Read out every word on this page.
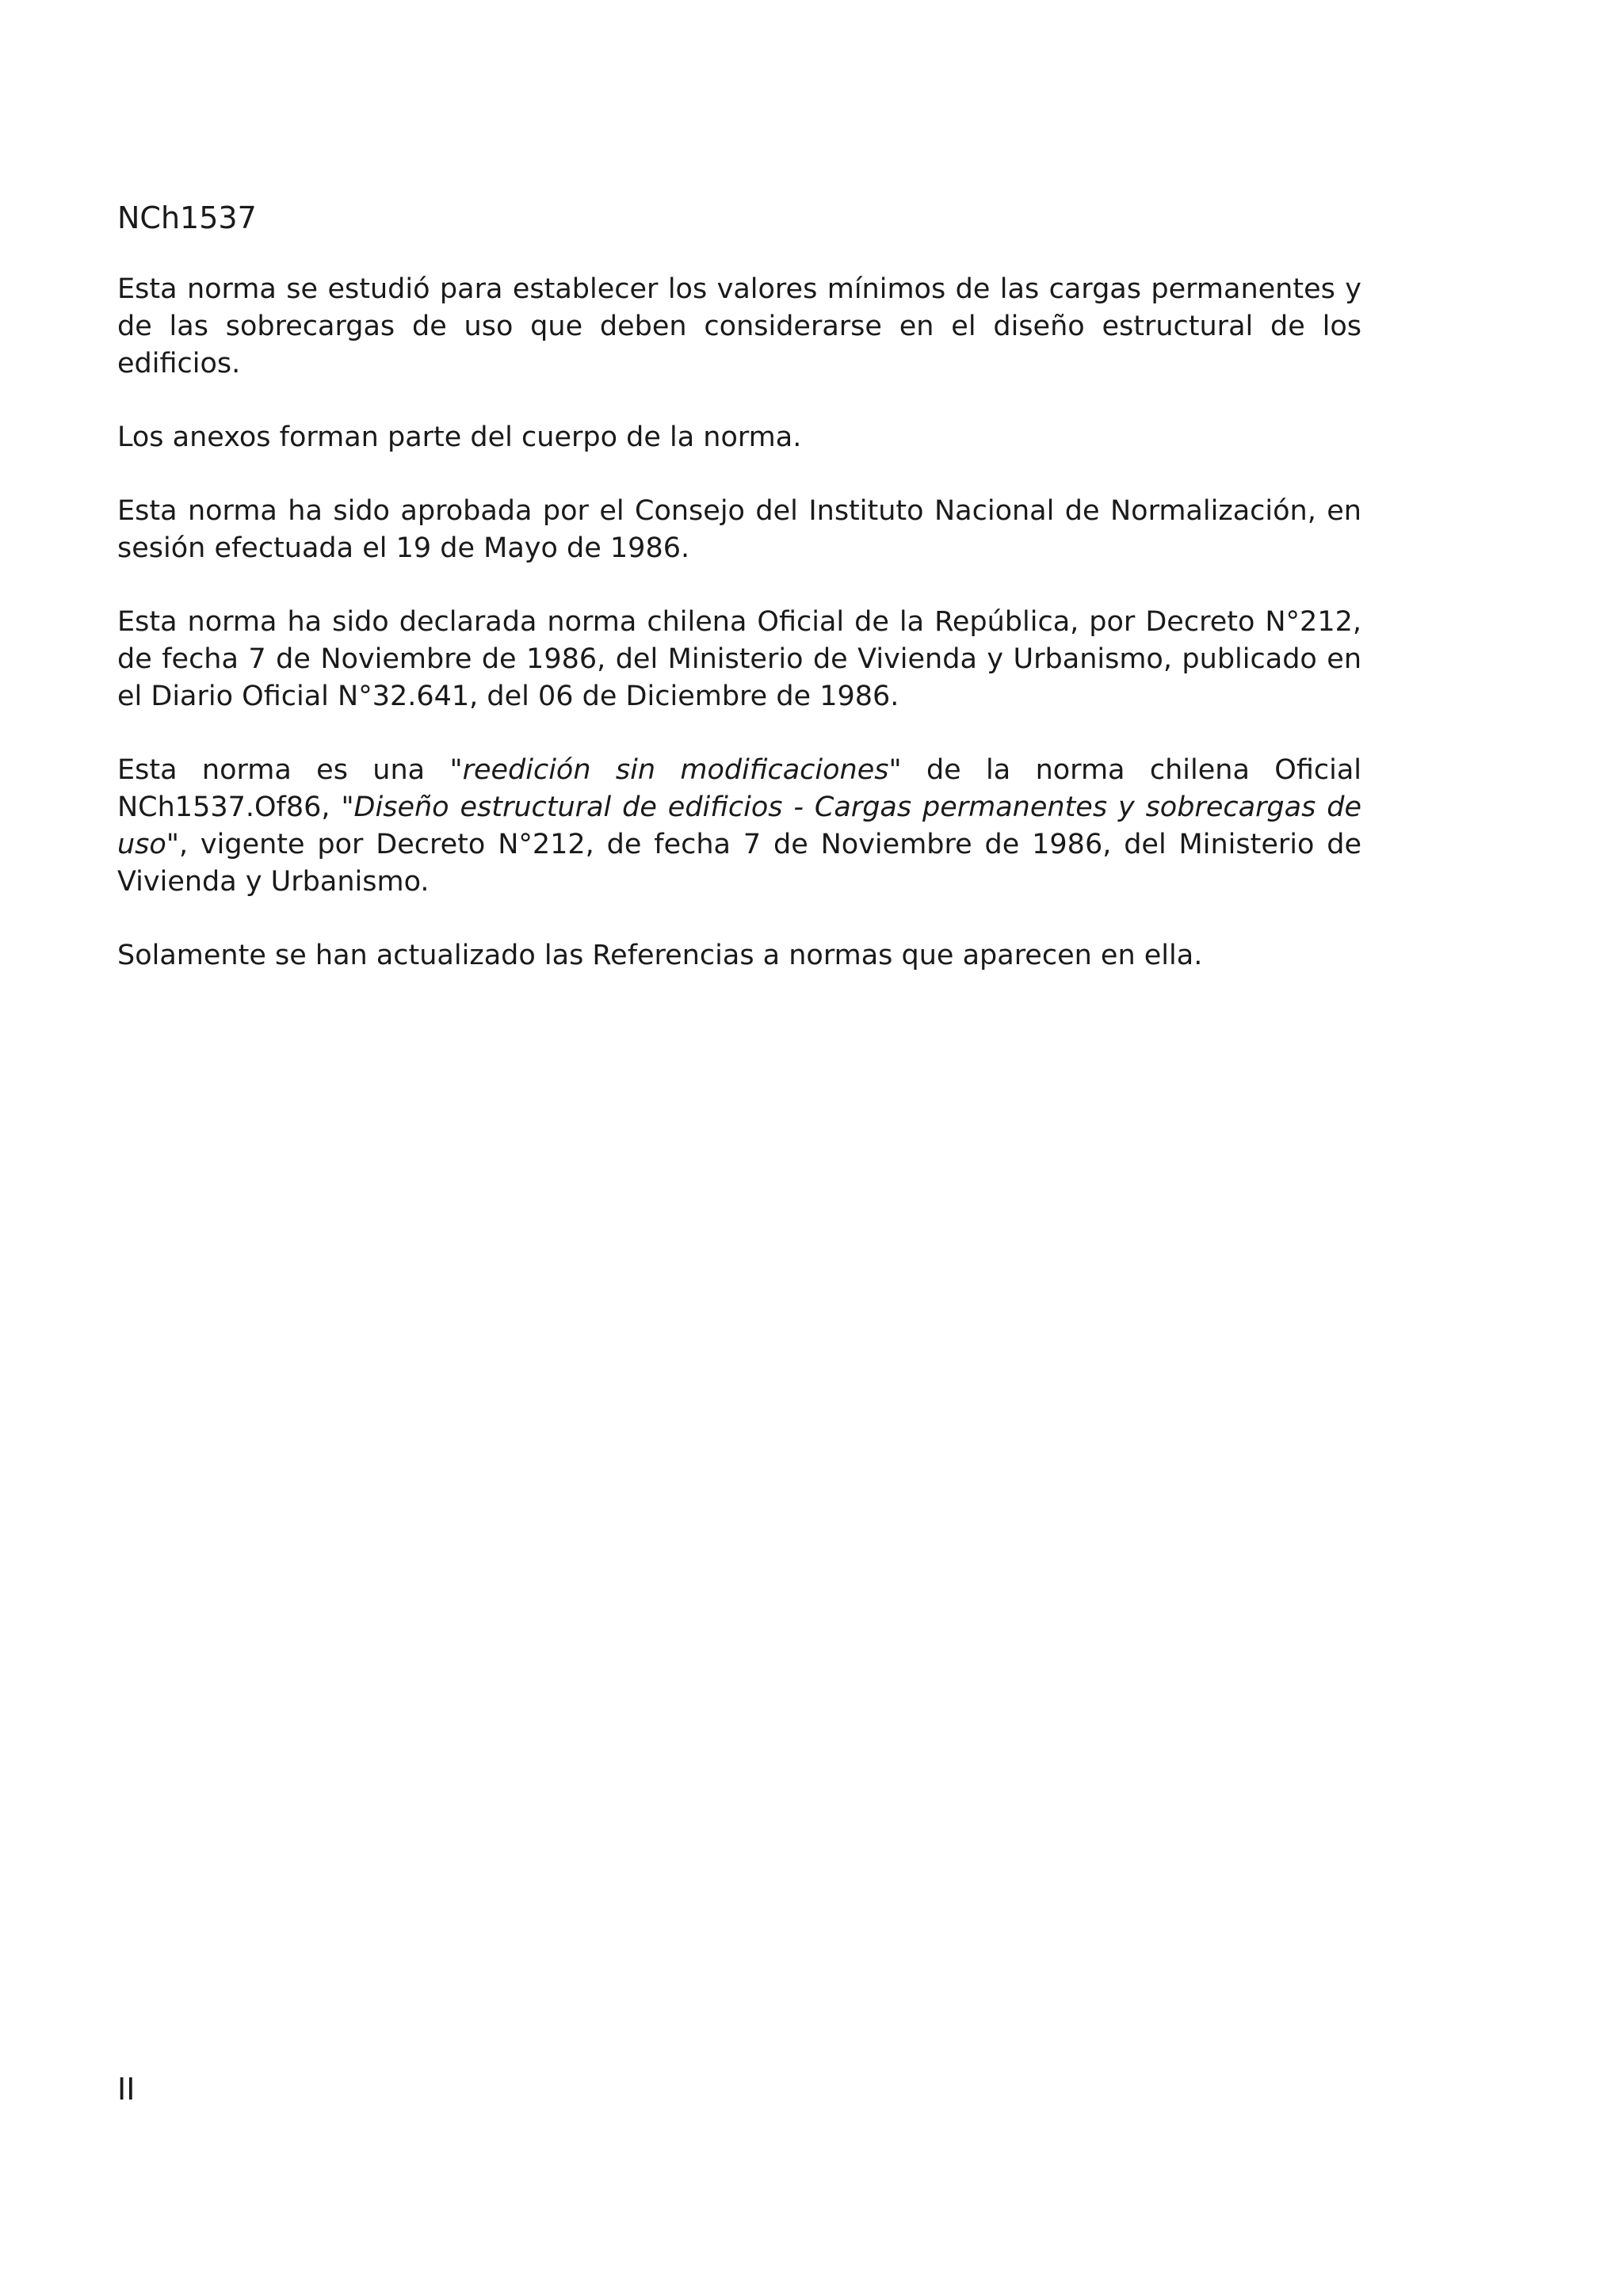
NCh1537

Esta norma se estudió para establecer los valores mínimos de las cargas permanentes y de las sobrecargas de uso que deben considerarse en el diseño estructural de los edificios.

Los anexos forman parte del cuerpo de la norma.

Esta norma ha sido aprobada por el Consejo del Instituto Nacional de Normalización, en sesión efectuada el 19 de Mayo de 1986.

Esta norma ha sido declarada norma chilena Oficial de la República, por Decreto N°212, de fecha 7 de Noviembre de 1986, del Ministerio de Vivienda y Urbanismo, publicado en el Diario Oficial N°32.641, del 06 de Diciembre de 1986.

Esta norma es una "reedición sin modificaciones" de la norma chilena Oficial NCh1537.Of86, "Diseño estructural de edificios - Cargas permanentes y sobrecargas de uso", vigente por Decreto N°212, de fecha 7 de Noviembre de 1986, del Ministerio de Vivienda y Urbanismo.

Solamente se han actualizado las Referencias a normas que aparecen en ella.

II
